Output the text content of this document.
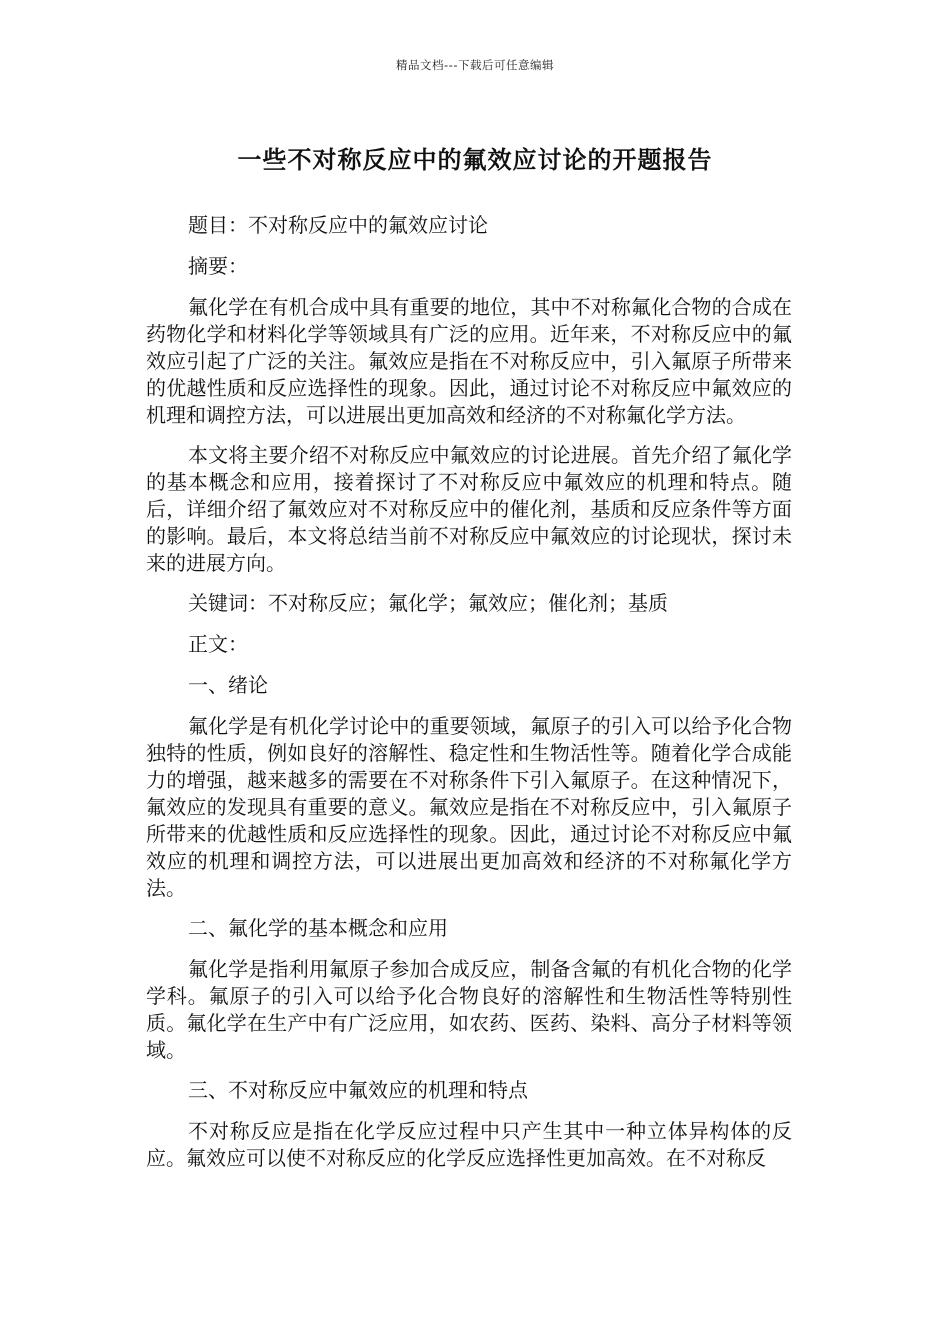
精品文档---下载后可任意编辑
一些不对称反应中的氟效应讨论的开题报告

题目：不对称反应中的氟效应讨论

摘要：

氟化学在有机合成中具有重要的地位，其中不对称氟化合物的合成在药物化学和材料化学等领域具有广泛的应用。近年来，不对称反应中的氟效应引起了广泛的关注。氟效应是指在不对称反应中，引入氟原子所带来的优越性质和反应选择性的现象。因此，通过讨论不对称反应中氟效应的机理和调控方法，可以进展出更加高效和经济的不对称氟化学方法。

本文将主要介绍不对称反应中氟效应的讨论进展。首先介绍了氟化学的基本概念和应用，接着探讨了不对称反应中氟效应的机理和特点。随后，详细介绍了氟效应对不对称反应中的催化剂，基质和反应条件等方面的影响。最后，本文将总结当前不对称反应中氟效应的讨论现状，探讨未来的进展方向。

关键词：不对称反应；氟化学；氟效应；催化剂；基质

正文：

一、绪论

氟化学是有机化学讨论中的重要领域，氟原子的引入可以给予化合物独特的性质，例如良好的溶解性、稳定性和生物活性等。随着化学合成能力的增强，越来越多的需要在不对称条件下引入氟原子。在这种情况下，氟效应的发现具有重要的意义。氟效应是指在不对称反应中，引入氟原子所带来的优越性质和反应选择性的现象。因此，通过讨论不对称反应中氟效应的机理和调控方法，可以进展出更加高效和经济的不对称氟化学方法。

二、氟化学的基本概念和应用

氟化学是指利用氟原子参加合成反应，制备含氟的有机化合物的化学学科。氟原子的引入可以给予化合物良好的溶解性和生物活性等特别性质。氟化学在生产中有广泛应用，如农药、医药、染料、高分子材料等领域。

三、不对称反应中氟效应的机理和特点

不对称反应是指在化学反应过程中只产生其中一种立体异构体的反应。氟效应可以使不对称反应的化学反应选择性更加高效。在不对称反
